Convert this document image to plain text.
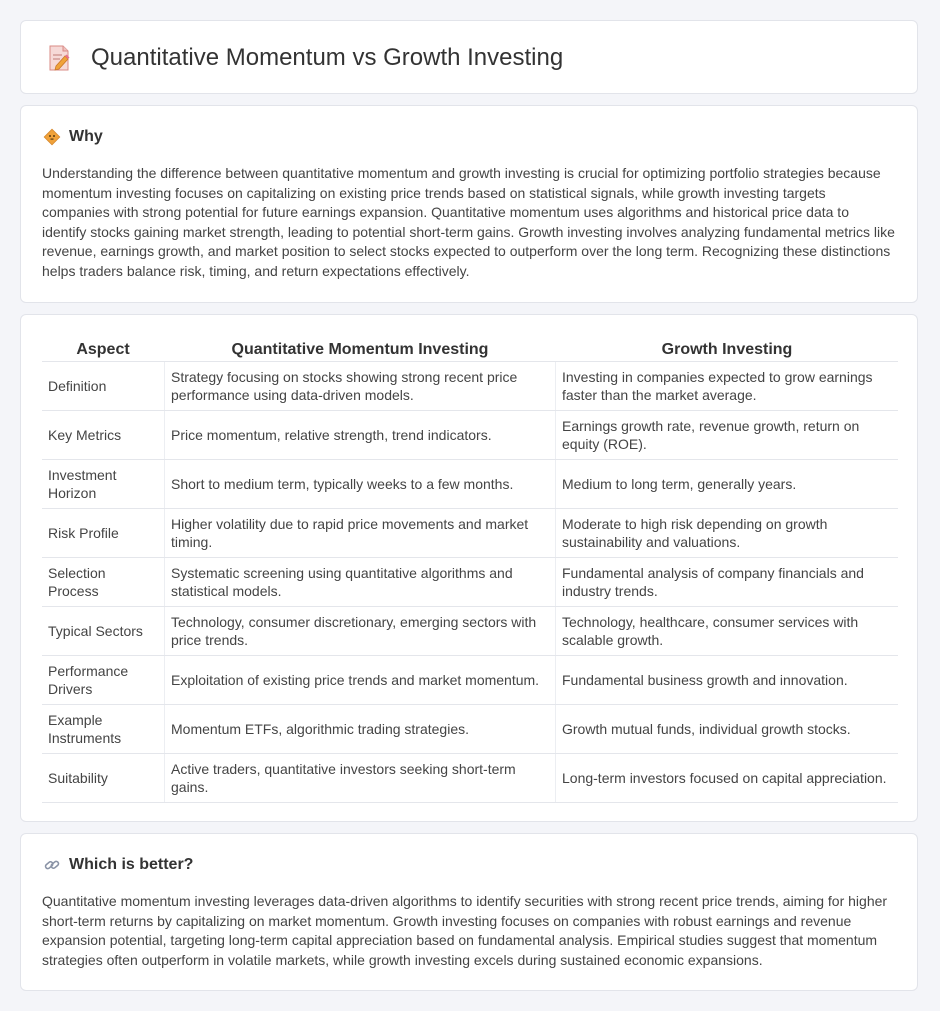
Quantitative Momentum vs Growth Investing
Why

Understanding the difference between quantitative momentum and growth investing is crucial for optimizing portfolio strategies because momentum investing focuses on capitalizing on existing price trends based on statistical signals, while growth investing targets companies with strong potential for future earnings expansion. Quantitative momentum uses algorithms and historical price data to identify stocks gaining market strength, leading to potential short-term gains. Growth investing involves analyzing fundamental metrics like revenue, earnings growth, and market position to select stocks expected to outperform over the long term. Recognizing these distinctions helps traders balance risk, timing, and return expectations effectively.

Aspect	Quantitative Momentum Investing	Growth Investing
Definition	Strategy focusing on stocks showing strong recent price performance using data-driven models.	Investing in companies expected to grow earnings faster than the market average.
Key Metrics	Price momentum, relative strength, trend indicators.	Earnings growth rate, revenue growth, return on equity (ROE).
Investment Horizon	Short to medium term, typically weeks to a few months.	Medium to long term, generally years.
Risk Profile	Higher volatility due to rapid price movements and market timing.	Moderate to high risk depending on growth sustainability and valuations.
Selection Process	Systematic screening using quantitative algorithms and statistical models.	Fundamental analysis of company financials and industry trends.
Typical Sectors	Technology, consumer discretionary, emerging sectors with price trends.	Technology, healthcare, consumer services with scalable growth.
Performance Drivers	Exploitation of existing price trends and market momentum.	Fundamental business growth and innovation.
Example Instruments	Momentum ETFs, algorithmic trading strategies.	Growth mutual funds, individual growth stocks.
Suitability	Active traders, quantitative investors seeking short-term gains.	Long-term investors focused on capital appreciation.
Which is better?

Quantitative momentum investing leverages data-driven algorithms to identify securities with strong recent price trends, aiming for higher short-term returns by capitalizing on market momentum. Growth investing focuses on companies with robust earnings and revenue expansion potential, targeting long-term capital appreciation based on fundamental analysis. Empirical studies suggest that momentum strategies often outperform in volatile markets, while growth investing excels during sustained economic expansions.
